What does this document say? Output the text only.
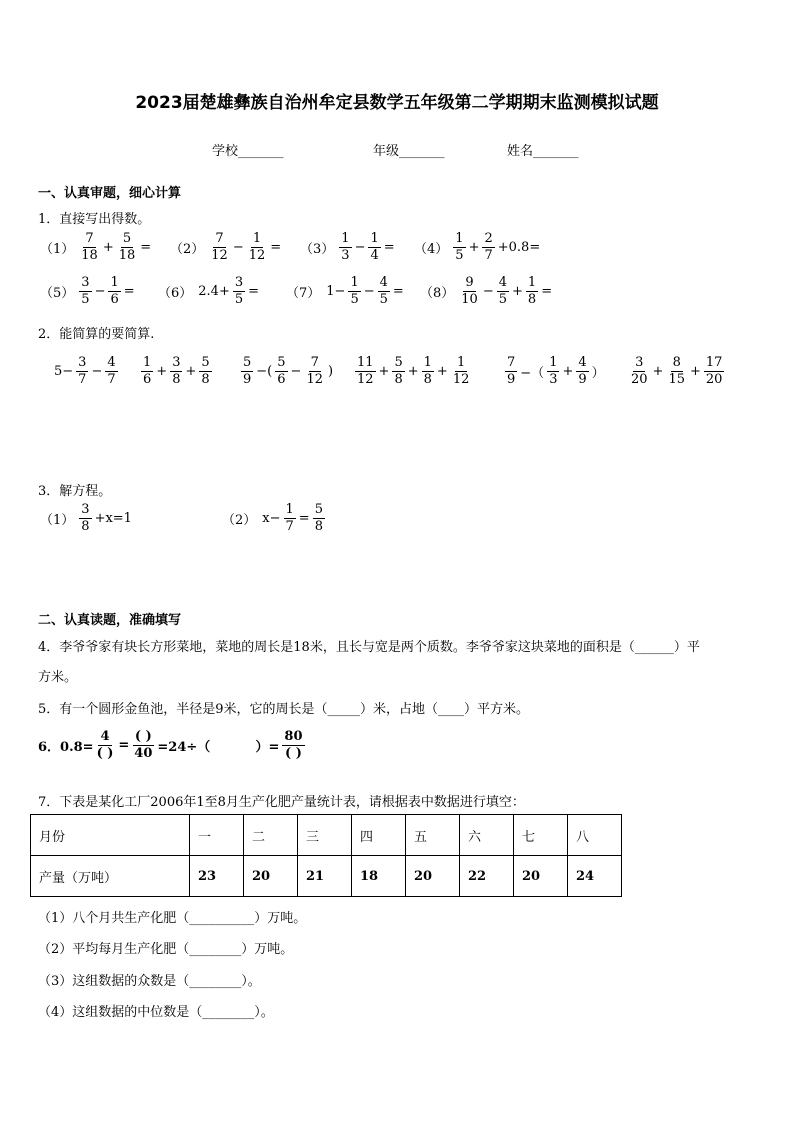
2023届楚雄彝族自治州牟定县数学五年级第二学期期末监测模拟试题
学校_______	年级_______	姓名_______
一、认真审题，细心计算
1．直接写出得数。
$(1) \frac{7}{18} + \frac{5}{18} = (2) \frac{7}{12} - \frac{1}{12} = (3) \frac{1}{3} - \frac{1}{4} = (4) \frac{1}{5} + \frac{2}{7} +0.8=$
$(5) \frac{3}{5} - \frac{1}{6} = (6)$ $2.4+ \frac{3}{5} = (7)$ $1- \frac{1}{5} - \frac{4}{5} = (8) \frac{9}{10} - \frac{4}{5} + \frac{1}{8}$ =
2．能简算的要简算.
$5- \frac{3}{7} - \frac{4}{7} \frac{1}{6} + \frac{3}{8} + \frac{5}{8} \frac{5}{9}$ −( $\frac{5}{6} - \frac{7}{12}$ ) $\frac{11}{12} + \frac{5}{8} + \frac{1}{8} + \frac{1}{12}$	$\frac{7}{9}$ −（ $\frac{1}{3} + \frac{4}{9}$ ） $\frac{3}{20} + \frac{8}{15} + \frac{17}{20}$
3．解方程。
$(1) \frac{3}{8} +x=1$	（2） $x- \frac{1}{7} = \frac{5}{8}$
二、认真读题，准确填写
4．李爷爷家有块长方形菜地，菜地的周长是18米，且长与宽是两个质数。李爷爷家这块菜地的面积是（______）平
方米。
5．有一个圆形金鱼池，半径是9米，它的周长是（_____）米，占地（____）平方米。
6．$0.8= \frac{4}{( )} = \frac{( )}{40} =24\div$（          ）= $\frac{80}{( )}$
7．下表是某化工厂2006年1至8月生产化肥产量统计表，请根据表中数据进行填空：
月份	一	二	三	四	五	六	七	八
产量（万吨）	23	20	21	18	20	22	20	24
（1）八个月共生产化肥（__________）万吨。
（2）平均每月生产化肥（________）万吨。
（3）这组数据的众数是（________）。
（4）这组数据的中位数是（________）。
